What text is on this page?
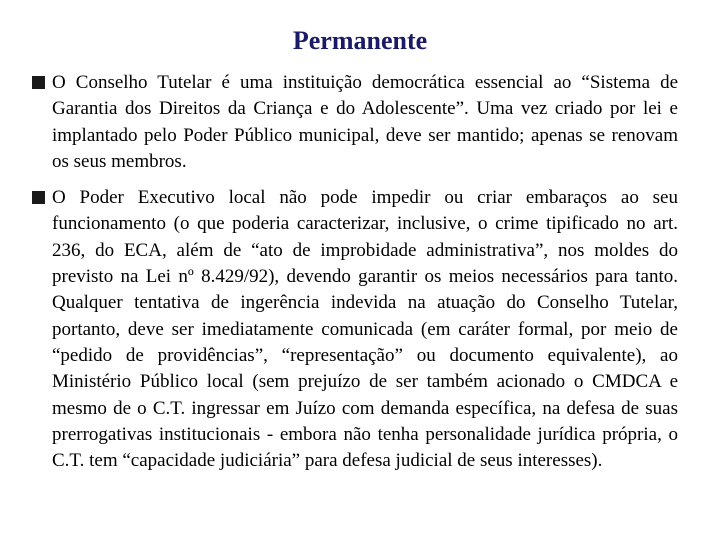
Permanente
O Conselho Tutelar é uma instituição democrática essencial ao “Sistema de Garantia dos Direitos da Criança e do Adolescente”. Uma vez criado por lei e implantado pelo Poder Público municipal, deve ser mantido; apenas se renovam os seus membros.
O Poder Executivo local não pode impedir ou criar embaraços ao seu funcionamento (o que poderia caracterizar, inclusive, o crime tipificado no art. 236, do ECA, além de “ato de improbidade administrativa”, nos moldes do previsto na Lei nº 8.429/92), devendo garantir os meios necessários para tanto. Qualquer tentativa de ingerência indevida na atuação do Conselho Tutelar, portanto, deve ser imediatamente comunicada (em caráter formal, por meio de “pedido de providências”, “representação” ou documento equivalente), ao Ministério Público local (sem prejuízo de ser também acionado o CMDCA e mesmo de o C.T. ingressar em Juízo com demanda específica, na defesa de suas prerrogativas institucionais - embora não tenha personalidade jurídica própria, o C.T. tem “capacidade judiciária” para defesa judicial de seus interesses).
